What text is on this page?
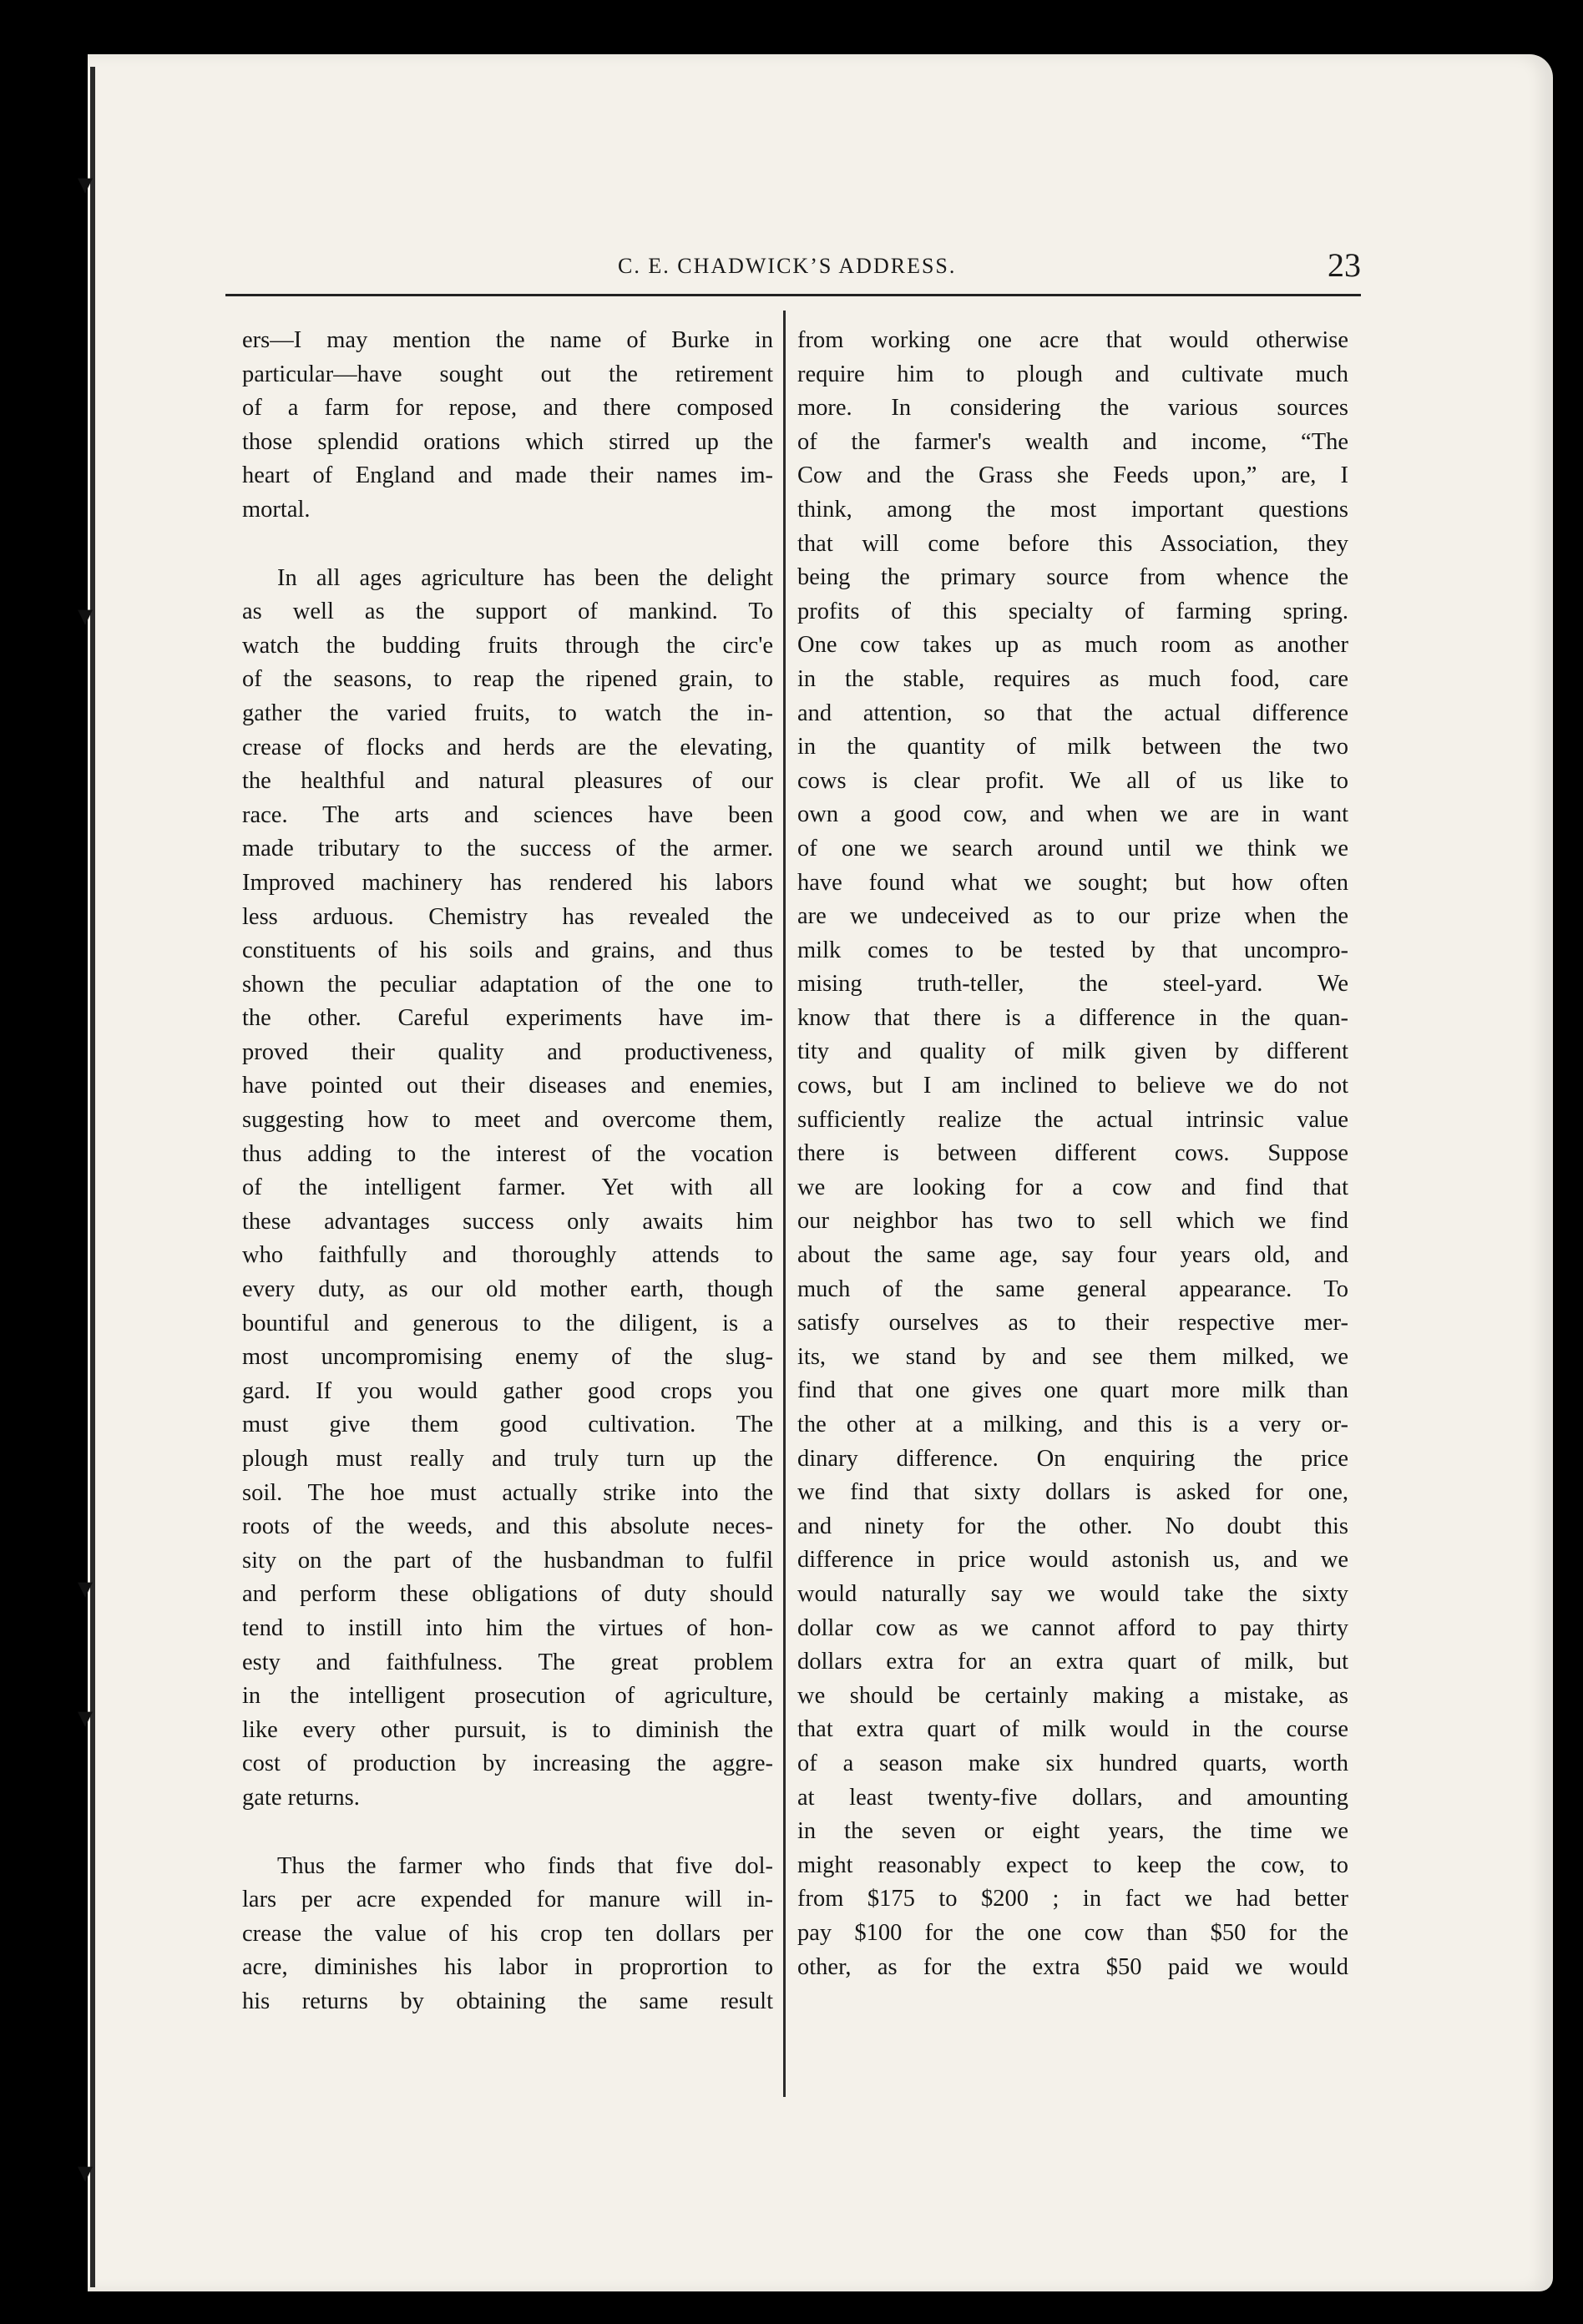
▾
▾
▾
▾
▾
C. E. CHADWICK’S ADDRESS.	23

ers—I may mention the name of Burke in
particular—have sought out the retirement
of a farm for repose, and there composed
those splendid orations which stirred up the
heart of England and made their names im-
mortal.

In all ages agriculture has been the delight
as well as the support of mankind. To
watch the budding fruits through the circ'e
of the seasons, to reap the ripened grain, to
gather the varied fruits, to watch the in-
crease of flocks and herds are the elevating,
the healthful and natural pleasures of our
race. The arts and sciences have been
made tributary to the success of the armer.
Improved machinery has rendered his labors
less arduous. Chemistry has revealed the
constituents of his soils and grains, and thus
shown the peculiar adaptation of the one to
the other. Careful experiments have im-
proved their quality and productiveness,
have pointed out their diseases and enemies,
suggesting how to meet and overcome them,
thus adding to the interest of the vocation
of the intelligent farmer. Yet with all
these advantages success only awaits him
who faithfully and thoroughly attends to
every duty, as our old mother earth, though
bountiful and generous to the diligent, is a
most uncompromising enemy of the slug-
gard. If you would gather good crops you
must give them good cultivation. The
plough must really and truly turn up the
soil. The hoe must actually strike into the
roots of the weeds, and this absolute neces-
sity on the part of the husbandman to fulfil
and perform these obligations of duty should
tend to instill into him the virtues of hon-
esty and faithfulness. The great problem
in the intelligent prosecution of agriculture,
like every other pursuit, is to diminish the
cost of production by increasing the aggre-
gate returns.

Thus the farmer who finds that five dol-
lars per acre expended for manure will in-
crease the value of his crop ten dollars per
acre, diminishes his labor in proprortion to
his returns by obtaining the same result

from working one acre that would otherwise
require him to plough and cultivate much
more. In considering the various sources
of the farmer's wealth and income, “The
Cow and the Grass she Feeds upon,” are, I
think, among the most important questions
that will come before this Association, they
being the primary source from whence the
profits of this specialty of farming spring.
One cow takes up as much room as another
in the stable, requires as much food, care
and attention, so that the actual difference
in the quantity of milk between the two
cows is clear profit. We all of us like to
own a good cow, and when we are in want
of one we search around until we think we
have found what we sought; but how often
are we undeceived as to our prize when the
milk comes to be tested by that uncompro-
mising truth-teller, the steel-yard. We
know that there is a difference in the quan-
tity and quality of milk given by different
cows, but I am inclined to believe we do not
sufficiently realize the actual intrinsic value
there is between different cows. Suppose
we are looking for a cow and find that
our neighbor has two to sell which we find
about the same age, say four years old, and
much of the same general appearance. To
satisfy ourselves as to their respective mer-
its, we stand by and see them milked, we
find that one gives one quart more milk than
the other at a milking, and this is a very or-
dinary difference. On enquiring the price
we find that sixty dollars is asked for one,
and ninety for the other. No doubt this
difference in price would astonish us, and we
would naturally say we would take the sixty
dollar cow as we cannot afford to pay thirty
dollars extra for an extra quart of milk, but
we should be certainly making a mistake, as
that extra quart of milk would in the course
of a season make six hundred quarts, worth
at least twenty-five dollars, and amounting
in the seven or eight years, the time we
might reasonably expect to keep the cow, to
from $175 to $200 ; in fact we had better
pay $100 for the one cow than $50 for the
other, as for the extra $50 paid we would
